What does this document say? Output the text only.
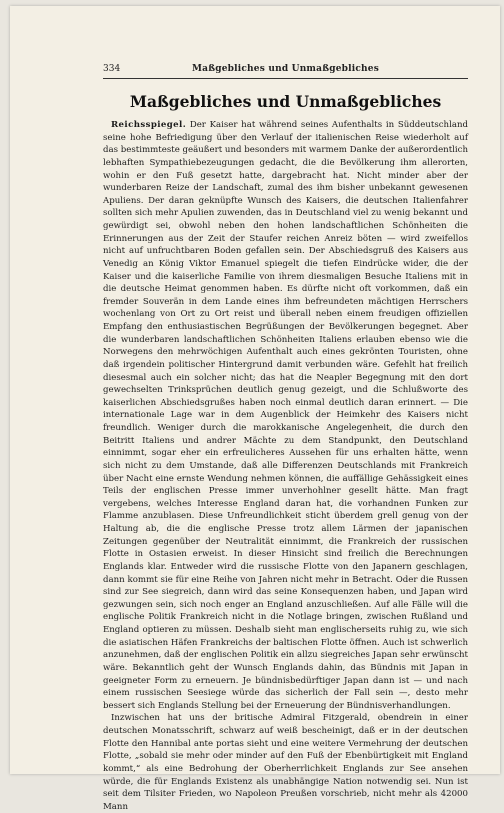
334	Maßgebliches und Unmaßgebliches
Maßgebliches und Unmaßgebliches

Reichsspiegel. Der Kaiser hat während seines Aufenthalts in Süddeutschland seine hohe Befriedigung über den Verlauf der italienischen Reise wiederholt auf das bestimmteste geäußert und besonders mit warmem Danke der außerordentlich lebhaften Sympathiebezeugungen gedacht, die die Bevölkerung ihm allerorten, wohin er den Fuß gesetzt hatte, dargebracht hat. Nicht minder aber der wunderbaren Reize der Landschaft, zumal des ihm bisher unbekannt gewesenen Apuliens. Der daran geknüpfte Wunsch des Kaisers, die deutschen Italienfahrer sollten sich mehr Apulien zuwenden, das in Deutschland viel zu wenig bekannt und gewürdigt sei, obwohl neben den hohen landschaftlichen Schönheiten die Erinnerungen aus der Zeit der Staufer reichen Anreiz böten — wird zweifellos nicht auf unfruchtbaren Boden gefallen sein. Der Abschiedsgruß des Kaisers aus Venedig an König Viktor Emanuel spiegelt die tiefen Eindrücke wider, die der Kaiser und die kaiserliche Familie von ihrem diesmaligen Besuche Italiens mit in die deutsche Heimat genommen haben. Es dürfte nicht oft vorkommen, daß ein fremder Souverän in dem Lande eines ihm befreundeten mächtigen Herrschers wochenlang von Ort zu Ort reist und überall neben einem freudigen offiziellen Empfang den enthusiastischen Begrüßungen der Bevölkerungen begegnet. Aber die wunderbaren landschaftlichen Schönheiten Italiens erlauben ebenso wie die Norwegens den mehrwöchigen Aufenthalt auch eines gekrönten Touristen, ohne daß irgendein politischer Hintergrund damit verbunden wäre. Gefehlt hat freilich diesesmal auch ein solcher nicht; das hat die Neapler Begegnung mit den dort gewechselten Trinksprüchen deutlich genug gezeigt, und die Schlußworte des kaiserlichen Abschiedsgrußes haben noch einmal deutlich daran erinnert. — Die internationale Lage war in dem Augenblick der Heimkehr des Kaisers nicht freundlich. Weniger durch die marokkanische Angelegenheit, die durch den Beitritt Italiens und andrer Mächte zu dem Standpunkt, den Deutschland einnimmt, sogar eher ein erfreulicheres Aussehen für uns erhalten hätte, wenn sich nicht zu dem Umstande, daß alle Differenzen Deutschlands mit Frankreich über Nacht eine ernste Wendung nehmen können, die auffällige Gehässigkeit eines Teils der englischen Presse immer unverhohlner gesellt hätte. Man fragt vergebens, welches Interesse England daran hat, die vorhandnen Funken zur Flamme anzublasen. Diese Unfreundlichkeit sticht überdem grell genug von der Haltung ab, die die englische Presse trotz allem Lärmen der japanischen Zeitungen gegenüber der Neutralität einnimmt, die Frankreich der russischen Flotte in Ostasien erweist. In dieser Hinsicht sind freilich die Berechnungen Englands klar. Entweder wird die russische Flotte von den Japanern geschlagen, dann kommt sie für eine Reihe von Jahren nicht mehr in Betracht. Oder die Russen sind zur See siegreich, dann wird das seine Konsequenzen haben, und Japan wird gezwungen sein, sich noch enger an England anzuschließen. Auf alle Fälle will die englische Politik Frankreich nicht in die Notlage bringen, zwischen Rußland und England optieren zu müssen. Deshalb sieht man englischerseits ruhig zu, wie sich die asiatischen Häfen Frankreichs der baltischen Flotte öffnen. Auch ist schwerlich anzunehmen, daß der englischen Politik ein allzu siegreiches Japan sehr erwünscht wäre. Bekanntlich geht der Wunsch Englands dahin, das Bündnis mit Japan in geeigneter Form zu erneuern. Je bündnisbedürftiger Japan dann ist — und nach einem russischen Seesiege würde das sicherlich der Fall sein —, desto mehr bessert sich Englands Stellung bei der Erneuerung der Bündnisverhandlungen.

Inzwischen hat uns der britische Admiral Fitzgerald, obendrein in einer deutschen Monatsschrift, schwarz auf weiß bescheinigt, daß er in der deutschen Flotte den Hannibal ante portas sieht und eine weitere Vermehrung der deutschen Flotte, „sobald sie mehr oder minder auf den Fuß der Ebenbürtigkeit mit England kommt,“ als eine Bedrohung der Oberherrlichkeit Englands zur See ansehen würde, die für Englands Existenz als unabhängige Nation notwendig sei. Nun ist seit dem Tilsiter Frieden, wo Napoleon Preußen vorschrieb, nicht mehr als 42000 Mann
